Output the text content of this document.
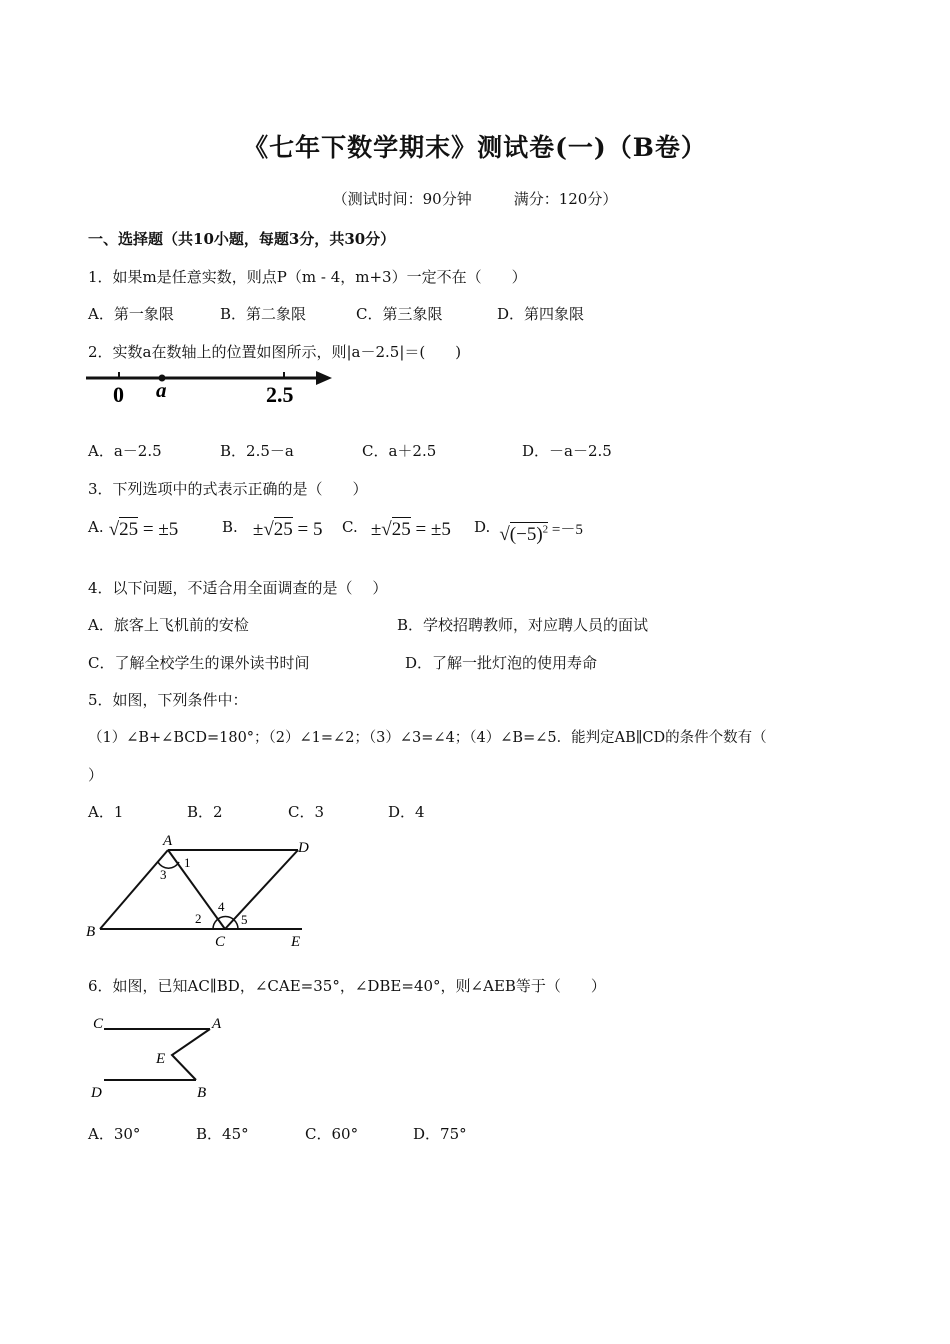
《七年下数学期末》测试卷(一)（B卷）
（测试时间：90分钟	满分：120分）
一、选择题（共10小题，每题3分，共30分）
1．如果m是任意实数，则点P（m - 4，m+3）一定不在（　　）
A．第一象限	B．第二象限	C．第三象限	D．第四象限
2．实数a在数轴上的位置如图所示，则|a－2.5|＝(　　)
0 a	2.5
A．a－2.5	B．2.5－a	C．a＋2.5	D．－a－2.5
3．下列选项中的式表示正确的是（　　）
A. √25 = ±5	B. ±√25 = 5 C. ±√25 = ±5 D. $√(-5)^2$ $^{=-5}$
4．以下问题，不适合用全面调查的是（　 ）
A．旅客上飞机前的安检	B．学校招聘教师，对应聘人员的面试
C．了解全校学生的课外读书时间	D．了解一批灯泡的使用寿命
5．如图，下列条件中：
（1）∠B+∠BCD=180°；（2）∠1=∠2；（3）∠3=∠4；（4）∠B=∠5．能判定AB∥CD的条件个数有（
）
A．1	B．2	C．3	D．4
A	D
1
3
4
2	5
B
C	E
6．如图，已知AC∥BD，∠CAE=35°，∠DBE=40°，则∠AEB等于（　　）
C	A
E
D	B
A．30°	B．45°	C．60°	D．75°
